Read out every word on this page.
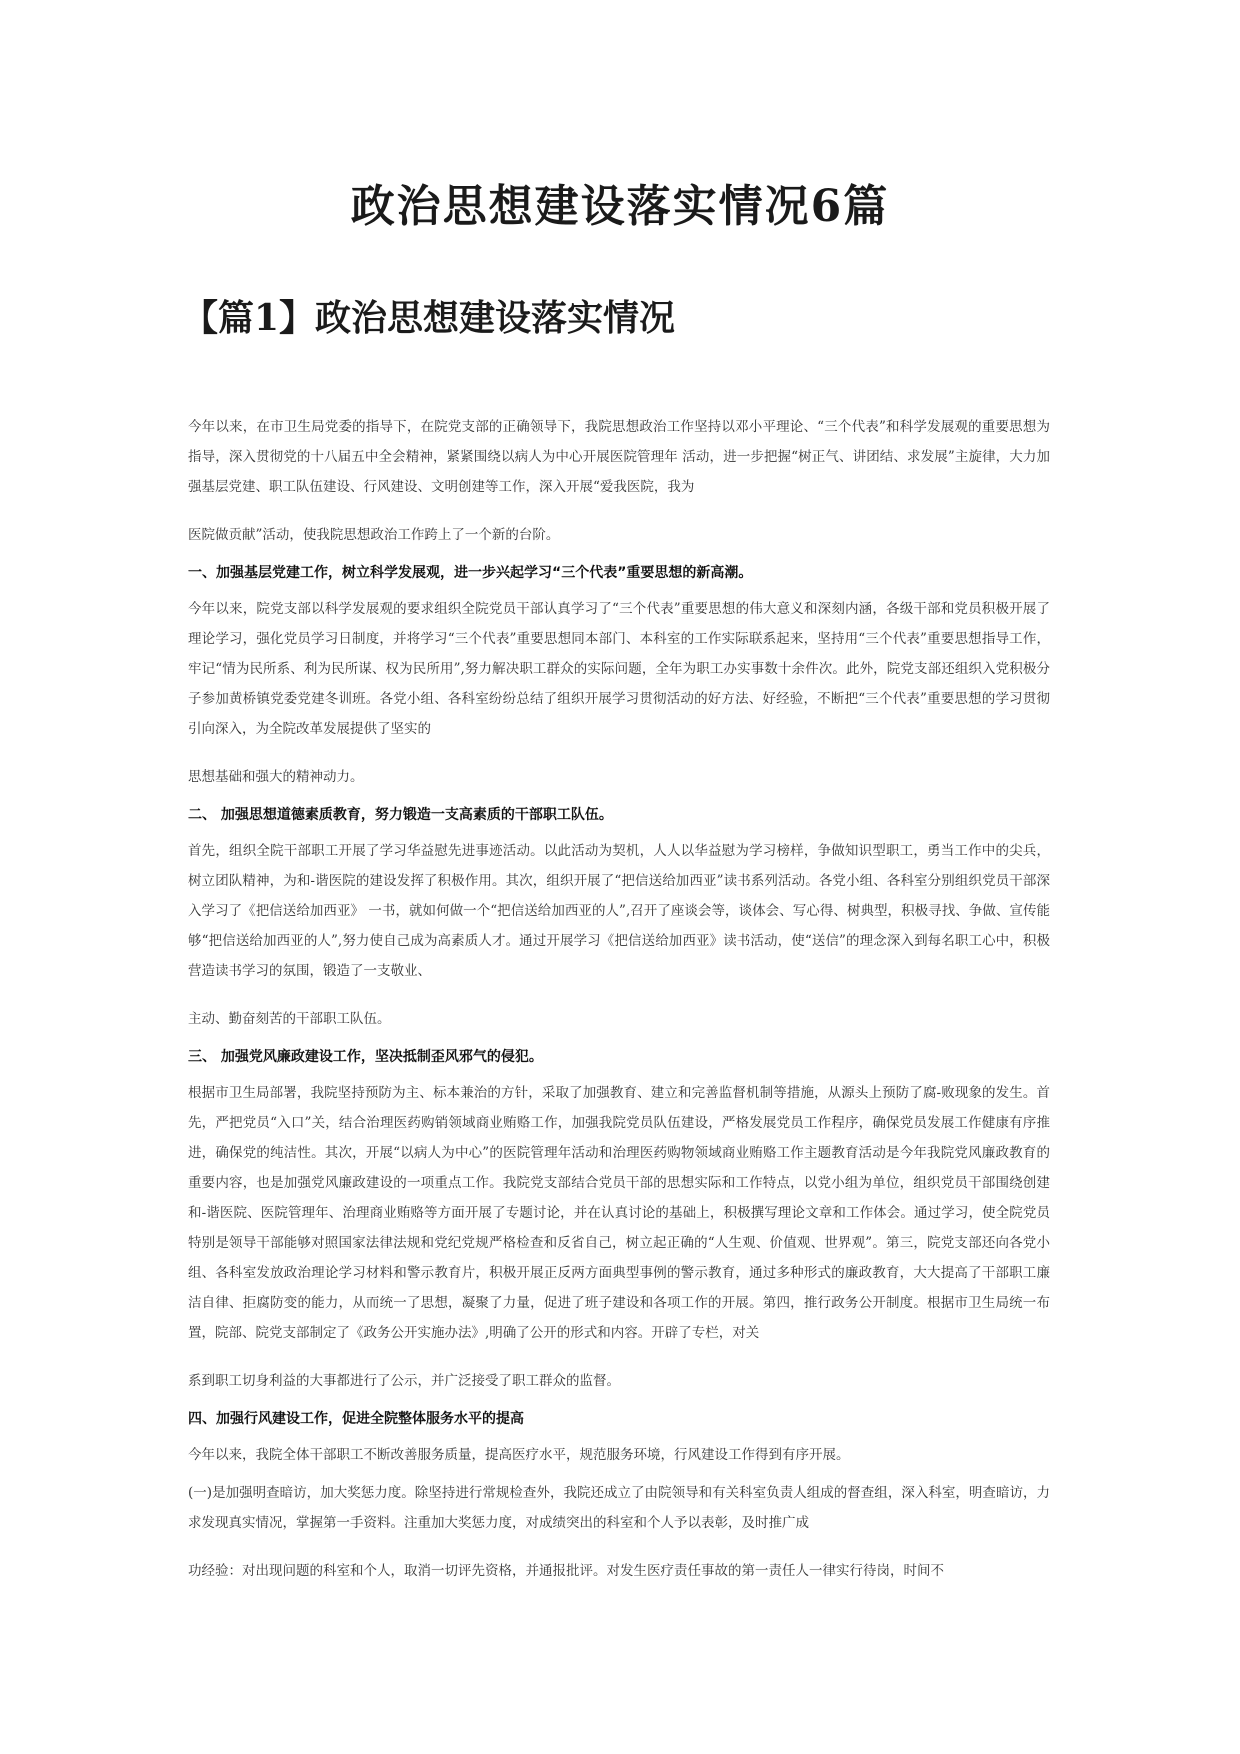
政治思想建设落实情况6篇
【篇1】政治思想建设落实情况

今年以来，在市卫生局党委的指导下，在院党支部的正确领导下，我院思想政治工作坚持以邓小平理论、“三个代表”和科学发展观的重要思想为指导，深入贯彻党的十八届五中全会精神，紧紧围绕以病人为中心开展医院管理年 活动，进一步把握“树正气、讲团结、求发展”主旋律，大力加强基层党建、职工队伍建设、行风建设、文明创建等工作，深入开展“爱我医院，我为

医院做贡献”活动，使我院思想政治工作跨上了一个新的台阶。

一、加强基层党建工作，树立科学发展观，进一步兴起学习“三个代表”重要思想的新高潮。

今年以来，院党支部以科学发展观的要求组织全院党员干部认真学习了“三个代表”重要思想的伟大意义和深刻内涵，各级干部和党员积极开展了理论学习，强化党员学习日制度，并将学习“三个代表”重要思想同本部门、本科室的工作实际联系起来，坚持用“三个代表”重要思想指导工作，牢记“情为民所系、利为民所谋、权为民所用”,努力解决职工群众的实际问题，全年为职工办实事数十余件次。此外，院党支部还组织入党积极分子参加黄桥镇党委党建冬训班。各党小组、各科室纷纷总结了组织开展学习贯彻活动的好方法、好经验，不断把“三个代表”重要思想的学习贯彻引向深入，为全院改革发展提供了坚实的

思想基础和强大的精神动力。

二、 加强思想道德素质教育，努力锻造一支高素质的干部职工队伍。

首先，组织全院干部职工开展了学习华益慰先进事迹活动。以此活动为契机，人人以华益慰为学习榜样，争做知识型职工，勇当工作中的尖兵，树立团队精神，为和-谐医院的建设发挥了积极作用。其次，组织开展了“把信送给加西亚”读书系列活动。各党小组、各科室分别组织党员干部深入学习了《把信送给加西亚》 一书，就如何做一个“把信送给加西亚的人”,召开了座谈会等，谈体会、写心得、树典型，积极寻找、争做、宣传能够“把信送给加西亚的人”,努力使自己成为高素质人才。通过开展学习《把信送给加西亚》读书活动，使“送信”的理念深入到每名职工心中，积极营造读书学习的氛围，锻造了一支敬业、

主动、勤奋刻苦的干部职工队伍。

三、 加强党风廉政建设工作，坚决抵制歪风邪气的侵犯。

根据市卫生局部署，我院坚持预防为主、标本兼治的方针，采取了加强教育、建立和完善监督机制等措施，从源头上预防了腐-败现象的发生。首先，严把党员“入口”关，结合治理医药购销领域商业贿赂工作，加强我院党员队伍建设，严格发展党员工作程序，确保党员发展工作健康有序推进，确保党的纯洁性。其次，开展“以病人为中心”的医院管理年活动和治理医药购物领域商业贿赂工作主题教育活动是今年我院党风廉政教育的重要内容，也是加强党风廉政建设的一项重点工作。我院党支部结合党员干部的思想实际和工作特点，以党小组为单位，组织党员干部围绕创建和-谐医院、医院管理年、治理商业贿赂等方面开展了专题讨论，并在认真讨论的基础上，积极撰写理论文章和工作体会。通过学习，使全院党员特别是领导干部能够对照国家法律法规和党纪党规严格检查和反省自己，树立起正确的“人生观、价值观、世界观”。第三，院党支部还向各党小组、各科室发放政治理论学习材料和警示教育片，积极开展正反两方面典型事例的警示教育，通过多种形式的廉政教育，大大提高了干部职工廉洁自律、拒腐防变的能力，从而统一了思想，凝聚了力量，促进了班子建设和各项工作的开展。第四，推行政务公开制度。根据市卫生局统一布置，院部、院党支部制定了《政务公开实施办法》,明确了公开的形式和内容。开辟了专栏，对关

系到职工切身利益的大事都进行了公示，并广泛接受了职工群众的监督。

四、加强行风建设工作，促进全院整体服务水平的提高

今年以来，我院全体干部职工不断改善服务质量，提高医疗水平，规范服务环境，行风建设工作得到有序开展。

(一)是加强明查暗访，加大奖惩力度。除坚持进行常规检查外，我院还成立了由院领导和有关科室负责人组成的督查组，深入科室，明查暗访，力求发现真实情况，掌握第一手资料。注重加大奖惩力度，对成绩突出的科室和个人予以表彰，及时推广成

功经验：对出现问题的科室和个人，取消一切评先资格，并通报批评。对发生医疗责任事故的第一责任人一律实行待岗，时间不
